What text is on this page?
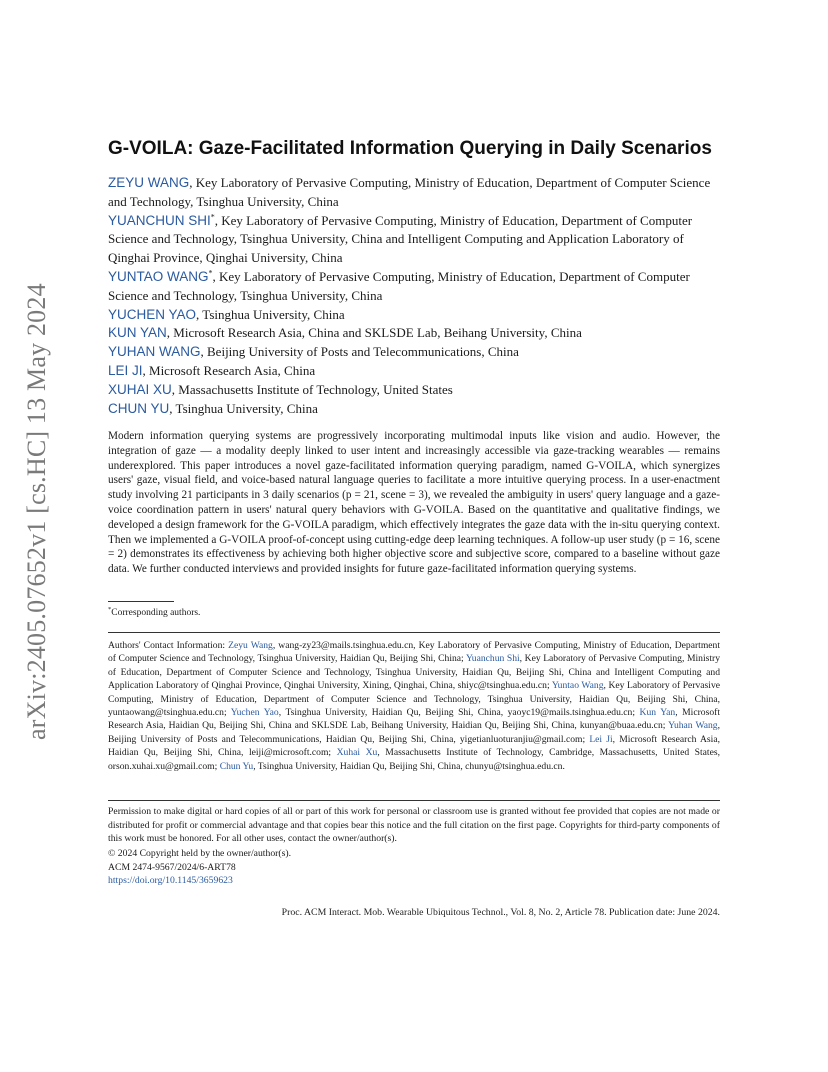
arXiv:2405.07652v1 [cs.HC] 13 May 2024
G-VOILA: Gaze-Facilitated Information Querying in Daily Scenarios
ZEYU WANG, Key Laboratory of Pervasive Computing, Ministry of Education, Department of Computer Science and Technology, Tsinghua University, China
YUANCHUN SHI*, Key Laboratory of Pervasive Computing, Ministry of Education, Department of Computer Science and Technology, Tsinghua University, China and Intelligent Computing and Application Laboratory of Qinghai Province, Qinghai University, China
YUNTAO WANG*, Key Laboratory of Pervasive Computing, Ministry of Education, Department of Computer Science and Technology, Tsinghua University, China
YUCHEN YAO, Tsinghua University, China
KUN YAN, Microsoft Research Asia, China and SKLSDE Lab, Beihang University, China
YUHAN WANG, Beijing University of Posts and Telecommunications, China
LEI JI, Microsoft Research Asia, China
XUHAI XU, Massachusetts Institute of Technology, United States
CHUN YU, Tsinghua University, China

Modern information querying systems are progressively incorporating multimodal inputs like vision and audio. However, the integration of gaze — a modality deeply linked to user intent and increasingly accessible via gaze-tracking wearables — remains underexplored. This paper introduces a novel gaze-facilitated information querying paradigm, named G-VOILA, which synergizes users' gaze, visual field, and voice-based natural language queries to facilitate a more intuitive querying process. In a user-enactment study involving 21 participants in 3 daily scenarios (p = 21, scene = 3), we revealed the ambiguity in users' query language and a gaze-voice coordination pattern in users' natural query behaviors with G-VOILA. Based on the quantitative and qualitative findings, we developed a design framework for the G-VOILA paradigm, which effectively integrates the gaze data with the in-situ querying context. Then we implemented a G-VOILA proof-of-concept using cutting-edge deep learning techniques. A follow-up user study (p = 16, scene = 2) demonstrates its effectiveness by achieving both higher objective score and subjective score, compared to a baseline without gaze data. We further conducted interviews and provided insights for future gaze-facilitated information querying systems.

*Corresponding authors.

Authors' Contact Information: Zeyu Wang, wang-zy23@mails.tsinghua.edu.cn, Key Laboratory of Pervasive Computing, Ministry of Education, Department of Computer Science and Technology, Tsinghua University, Haidian Qu, Beijing Shi, China; Yuanchun Shi, Key Laboratory of Pervasive Computing, Ministry of Education, Department of Computer Science and Technology, Tsinghua University, Haidian Qu, Beijing Shi, China and Intelligent Computing and Application Laboratory of Qinghai Province, Qinghai University, Xining, Qinghai, China, shiyc@tsinghua.edu.cn; Yuntao Wang, Key Laboratory of Pervasive Computing, Ministry of Education, Department of Computer Science and Technology, Tsinghua University, Haidian Qu, Beijing Shi, China, yuntaowang@tsinghua.edu.cn; Yuchen Yao, Tsinghua University, Haidian Qu, Beijing Shi, China, yaoyc19@mails.tsinghua.edu.cn; Kun Yan, Microsoft Research Asia, Haidian Qu, Beijing Shi, China and SKLSDE Lab, Beihang University, Haidian Qu, Beijing Shi, China, kunyan@buaa.edu.cn; Yuhan Wang, Beijing University of Posts and Telecommunications, Haidian Qu, Beijing Shi, China, yigetianluoturanjiu@gmail.com; Lei Ji, Microsoft Research Asia, Haidian Qu, Beijing Shi, China, leiji@microsoft.com; Xuhai Xu, Massachusetts Institute of Technology, Cambridge, Massachusetts, United States, orson.xuhai.xu@gmail.com; Chun Yu, Tsinghua University, Haidian Qu, Beijing Shi, China, chunyu@tsinghua.edu.cn.

Permission to make digital or hard copies of all or part of this work for personal or classroom use is granted without fee provided that copies are not made or distributed for profit or commercial advantage and that copies bear this notice and the full citation on the first page. Copyrights for third-party components of this work must be honored. For all other uses, contact the owner/author(s).

© 2024 Copyright held by the owner/author(s).
ACM 2474-9567/2024/6-ART78
https://doi.org/10.1145/3659623
Proc. ACM Interact. Mob. Wearable Ubiquitous Technol., Vol. 8, No. 2, Article 78. Publication date: June 2024.
